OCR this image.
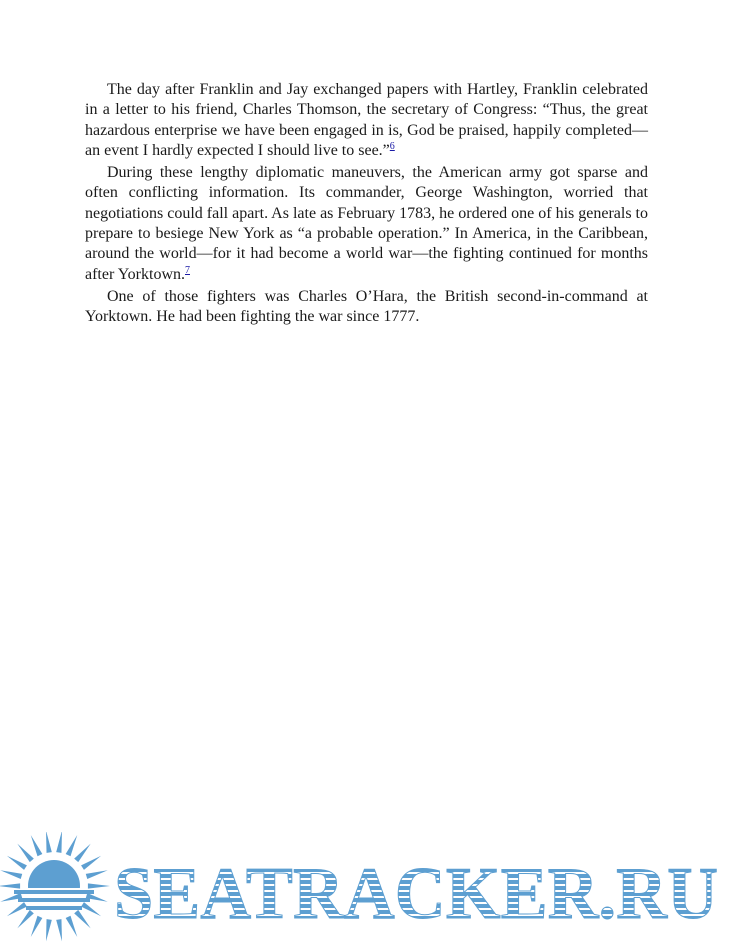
The day after Franklin and Jay exchanged papers with Hartley, Franklin celebrated in a letter to his friend, Charles Thomson, the secretary of Congress: “Thus, the great hazardous enterprise we have been engaged in is, God be praised, happily completed—an event I hardly expected I should live to see.”$^6$

During these lengthy diplomatic maneuvers, the American army got sparse and often conflicting information. Its commander, George Washington, worried that negotiations could fall apart. As late as February 1783, he ordered one of his generals to prepare to besiege New York as “a probable operation.” In America, in the Caribbean, around the world—for it had become a world war—the fighting continued for months after Yorktown.$^7$

One of those fighters was Charles O’Hara, the British second-in-command at Yorktown. He had been fighting the war since 1777.

SEATRACKER.RU
